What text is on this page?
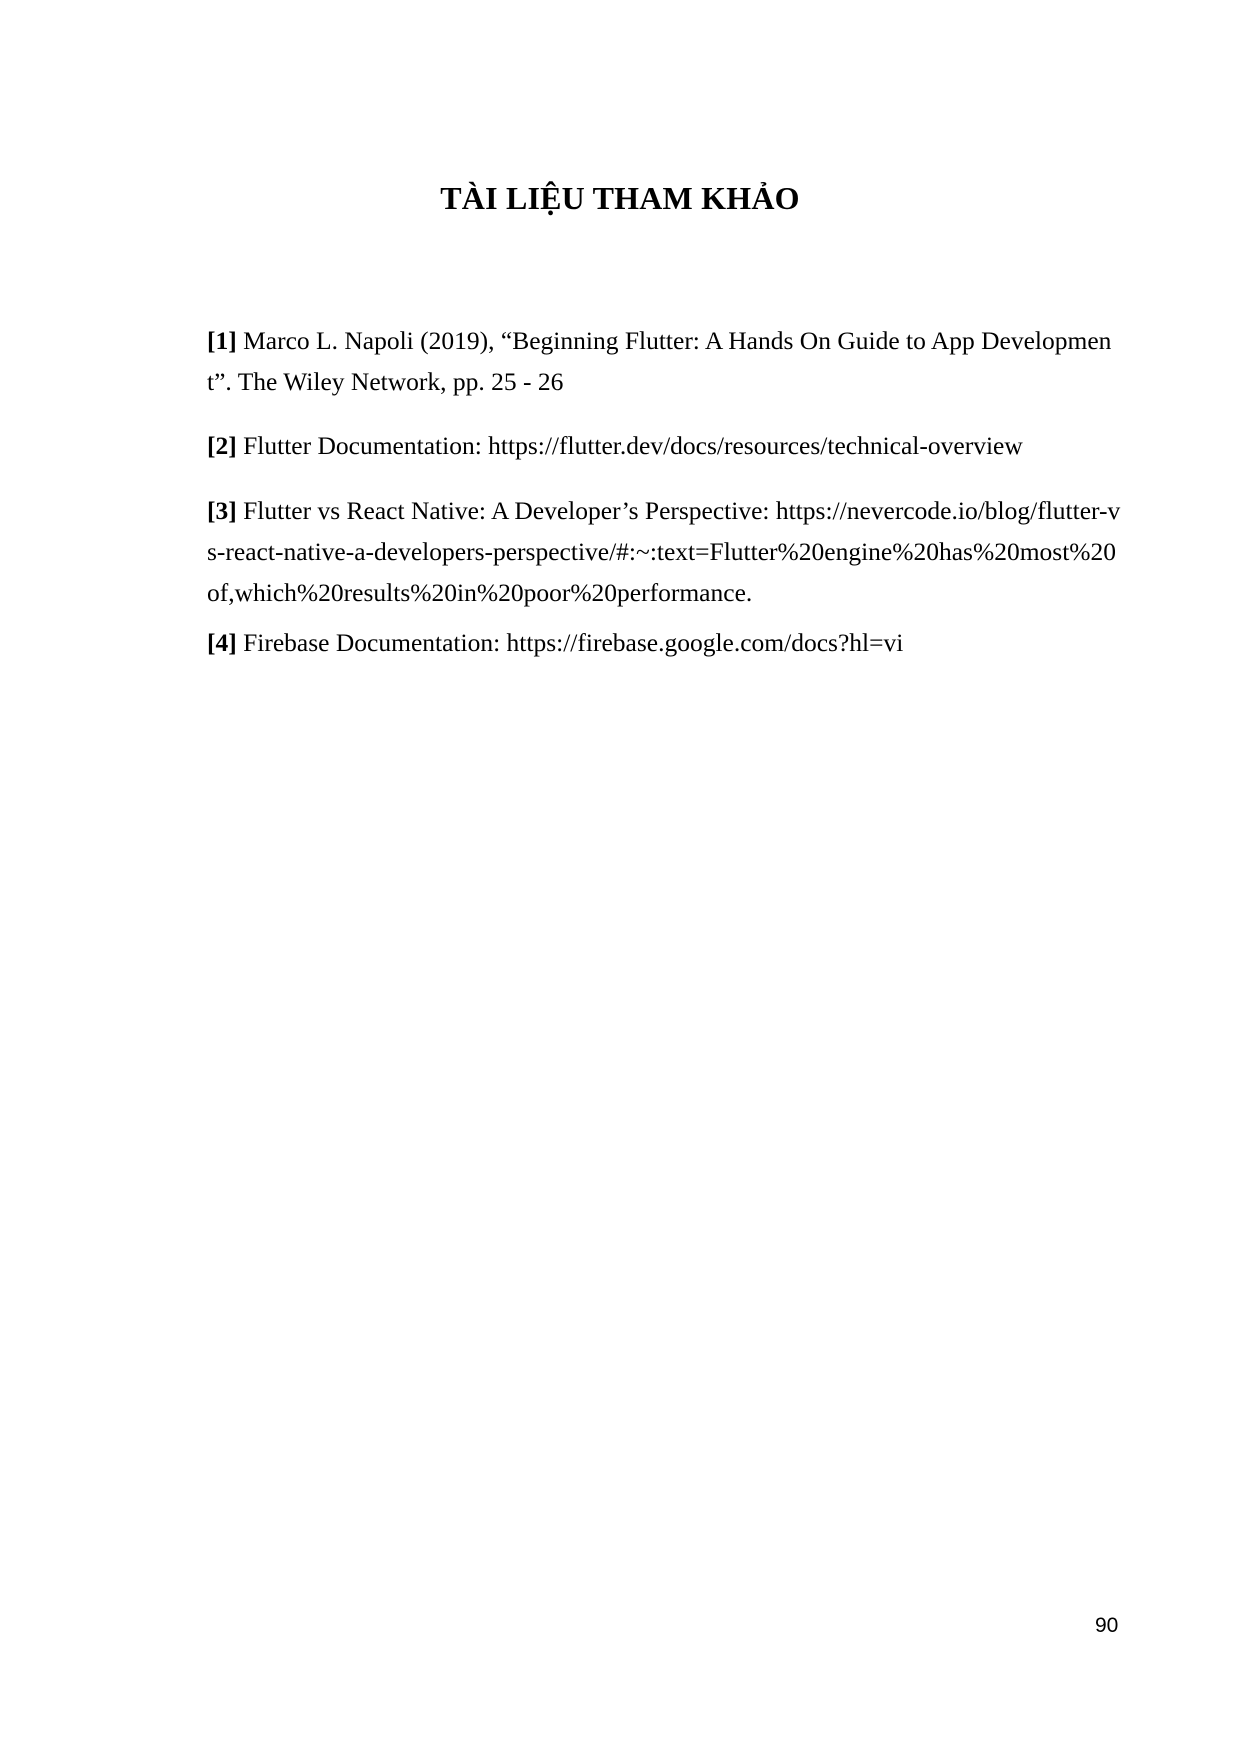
TÀI LIỆU THAM KHẢO

[1] Marco L. Napoli (2019), “Beginning Flutter: A Hands On Guide to App Development”. The Wiley Network, pp. 25 - 26

[2] Flutter Documentation: https://flutter.dev/docs/resources/technical-overview

[3] Flutter vs React Native: A Developer’s Perspective: https://nevercode.io/blog/flutter-vs-react-native-a-developers-perspective/#:~:text=Flutter%20engine%20has%20most%20of,which%20results%20in%20poor%20performance.

[4] Firebase Documentation: https://firebase.google.com/docs?hl=vi

90
